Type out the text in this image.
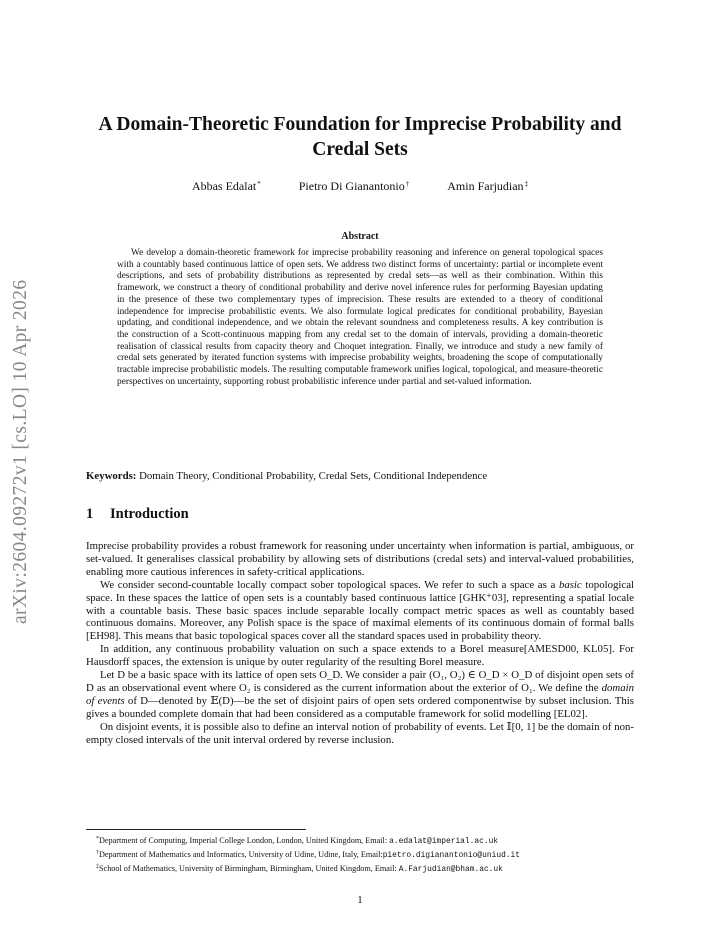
arXiv:2604.09272v1 [cs.LO] 10 Apr 2026
A Domain-Theoretic Foundation for Imprecise Probability and Credal Sets
Abbas Edalat*	Pietro Di Gianantonio†	Amin Farjudian‡
Abstract

We develop a domain-theoretic framework for imprecise probability reasoning and inference on general topological spaces with a countably based continuous lattice of open sets. We address two distinct forms of uncertainty: partial or incomplete event descriptions, and sets of probability distributions as represented by credal sets—as well as their combination. Within this framework, we construct a theory of conditional probability and derive novel inference rules for performing Bayesian updating in the presence of these two complementary types of imprecision. These results are extended to a theory of conditional independence for imprecise probabilistic events. We also formulate logical predicates for conditional probability, Bayesian updating, and conditional independence, and we obtain the relevant soundness and completeness results. A key contribution is the construction of a Scott-continuous mapping from any credal set to the domain of intervals, providing a domain-theoretic realisation of classical results from capacity theory and Choquet integration. Finally, we introduce and study a new family of credal sets generated by iterated function systems with imprecise probability weights, broadening the scope of computationally tractable imprecise probabilistic models. The resulting computable framework unifies logical, topological, and measure-theoretic perspectives on uncertainty, supporting robust probabilistic inference under partial and set-valued information.

Keywords: Domain Theory, Conditional Probability, Credal Sets, Conditional Independence

1 Introduction

Imprecise probability provides a robust framework for reasoning under uncertainty when information is partial, ambiguous, or set-valued. It generalises classical probability by allowing sets of distributions (credal sets) and interval-valued probabilities, enabling more cautious inferences in safety-critical applications.

We consider second-countable locally compact sober topological spaces. We refer to such a space as a basic topological space. In these spaces the lattice of open sets is a countably based continuous lattice [GHK⁺03], representing a spatial locale with a countable basis. These basic spaces include separable locally compact metric spaces as well as countably based continuous domains. Moreover, any Polish space is the space of maximal elements of its continuous domain of formal balls [EH98]. This means that basic topological spaces cover all the standard spaces used in probability theory.

In addition, any continuous probability valuation on such a space extends to a Borel measure[AMESD00, KL05]. For Hausdorff spaces, the extension is unique by outer regularity of the resulting Borel measure.

Let D be a basic space with its lattice of open sets O_D. We consider a pair (O₁, O₂) ∈ O_D × O_D of disjoint open sets of D as an observational event where O₂ is considered as the current information about the exterior of O₁. We define the domain of events of D—denoted by 𝔼(D)—be the set of disjoint pairs of open sets ordered componentwise by subset inclusion. This gives a bounded complete domain that had been considered as a computable framework for solid modelling [EL02].

On disjoint events, it is possible also to define an interval notion of probability of events. Let 𝕀[0, 1] be the domain of non-empty closed intervals of the unit interval ordered by reverse inclusion.

*Department of Computing, Imperial College London, London, United Kingdom, Email: a.edalat@imperial.ac.uk
†Department of Mathematics and Informatics, University of Udine, Udine, Italy, Email:pietro.digianantonio@uniud.it
‡School of Mathematics, University of Birmingham, Birmingham, United Kingdom, Email: A.Farjudian@bham.ac.uk
1
